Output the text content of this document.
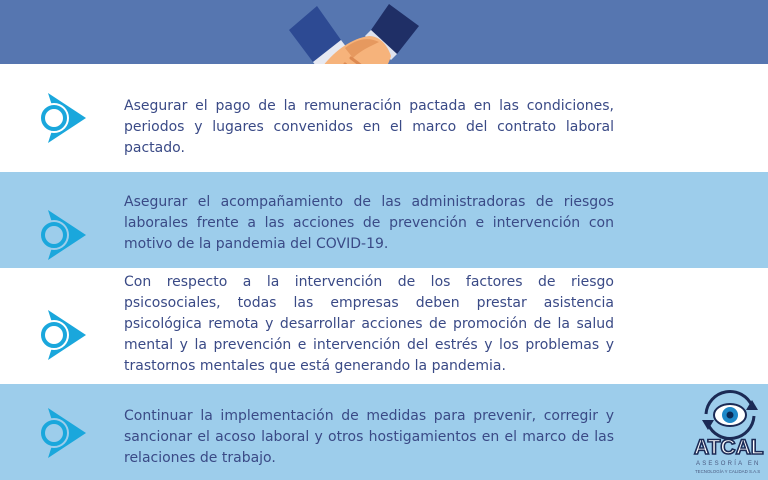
Asegurar el pago de la remuneración pactada en las condiciones, periodos y lugares convenidos en el marco del contrato laboral pactado.
Asegurar el acompañamiento de las administradoras de riesgos laborales frente a las acciones de prevención e intervención con motivo de la pandemia del COVID-19.
Con respecto a la intervención de los factores de riesgo psicosociales, todas las empresas deben prestar asistencia psicológica remota y desarrollar acciones de promoción de la salud mental y la prevención e intervención del estrés y los problemas y trastornos mentales que está generando la pandemia.
Continuar la implementación de medidas para prevenir, corregir y sancionar el acoso laboral y otros hostigamientos en el marco de las relaciones de trabajo.	ATCAL
ASESORÍA EN
TECNOLOGÍA Y CALIDAD S.A.S
